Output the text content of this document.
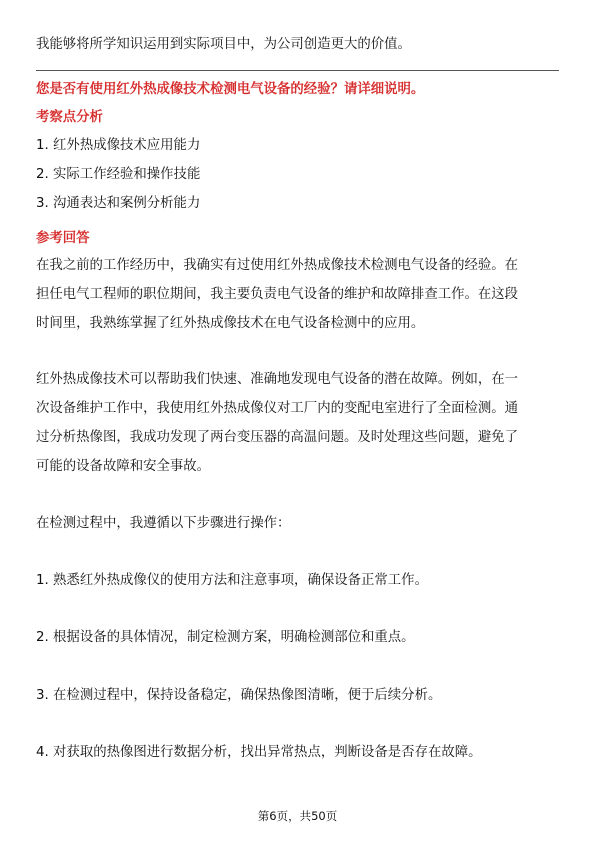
我能够将所学知识运用到实际项目中，为公司创造更大的价值。
您是否有使用红外热成像技术检测电气设备的经验？请详细说明。
考察点分析
1. 红外热成像技术应用能力
2. 实际工作经验和操作技能
3. 沟通表达和案例分析能力
参考回答
在我之前的工作经历中，我确实有过使用红外热成像技术检测电气设备的经验。在
担任电气工程师的职位期间，我主要负责电气设备的维护和故障排查工作。在这段
时间里，我熟练掌握了红外热成像技术在电气设备检测中的应用。
红外热成像技术可以帮助我们快速、准确地发现电气设备的潜在故障。例如，在一
次设备维护工作中，我使用红外热成像仪对工厂内的变配电室进行了全面检测。通
过分析热像图，我成功发现了两台变压器的高温问题。及时处理这些问题，避免了
可能的设备故障和安全事故。
在检测过程中，我遵循以下步骤进行操作：
1. 熟悉红外热成像仪的使用方法和注意事项，确保设备正常工作。
2. 根据设备的具体情况，制定检测方案，明确检测部位和重点。
3. 在检测过程中，保持设备稳定，确保热像图清晰，便于后续分析。
4. 对获取的热像图进行数据分析，找出异常热点，判断设备是否存在故障。
第6页，共50页
